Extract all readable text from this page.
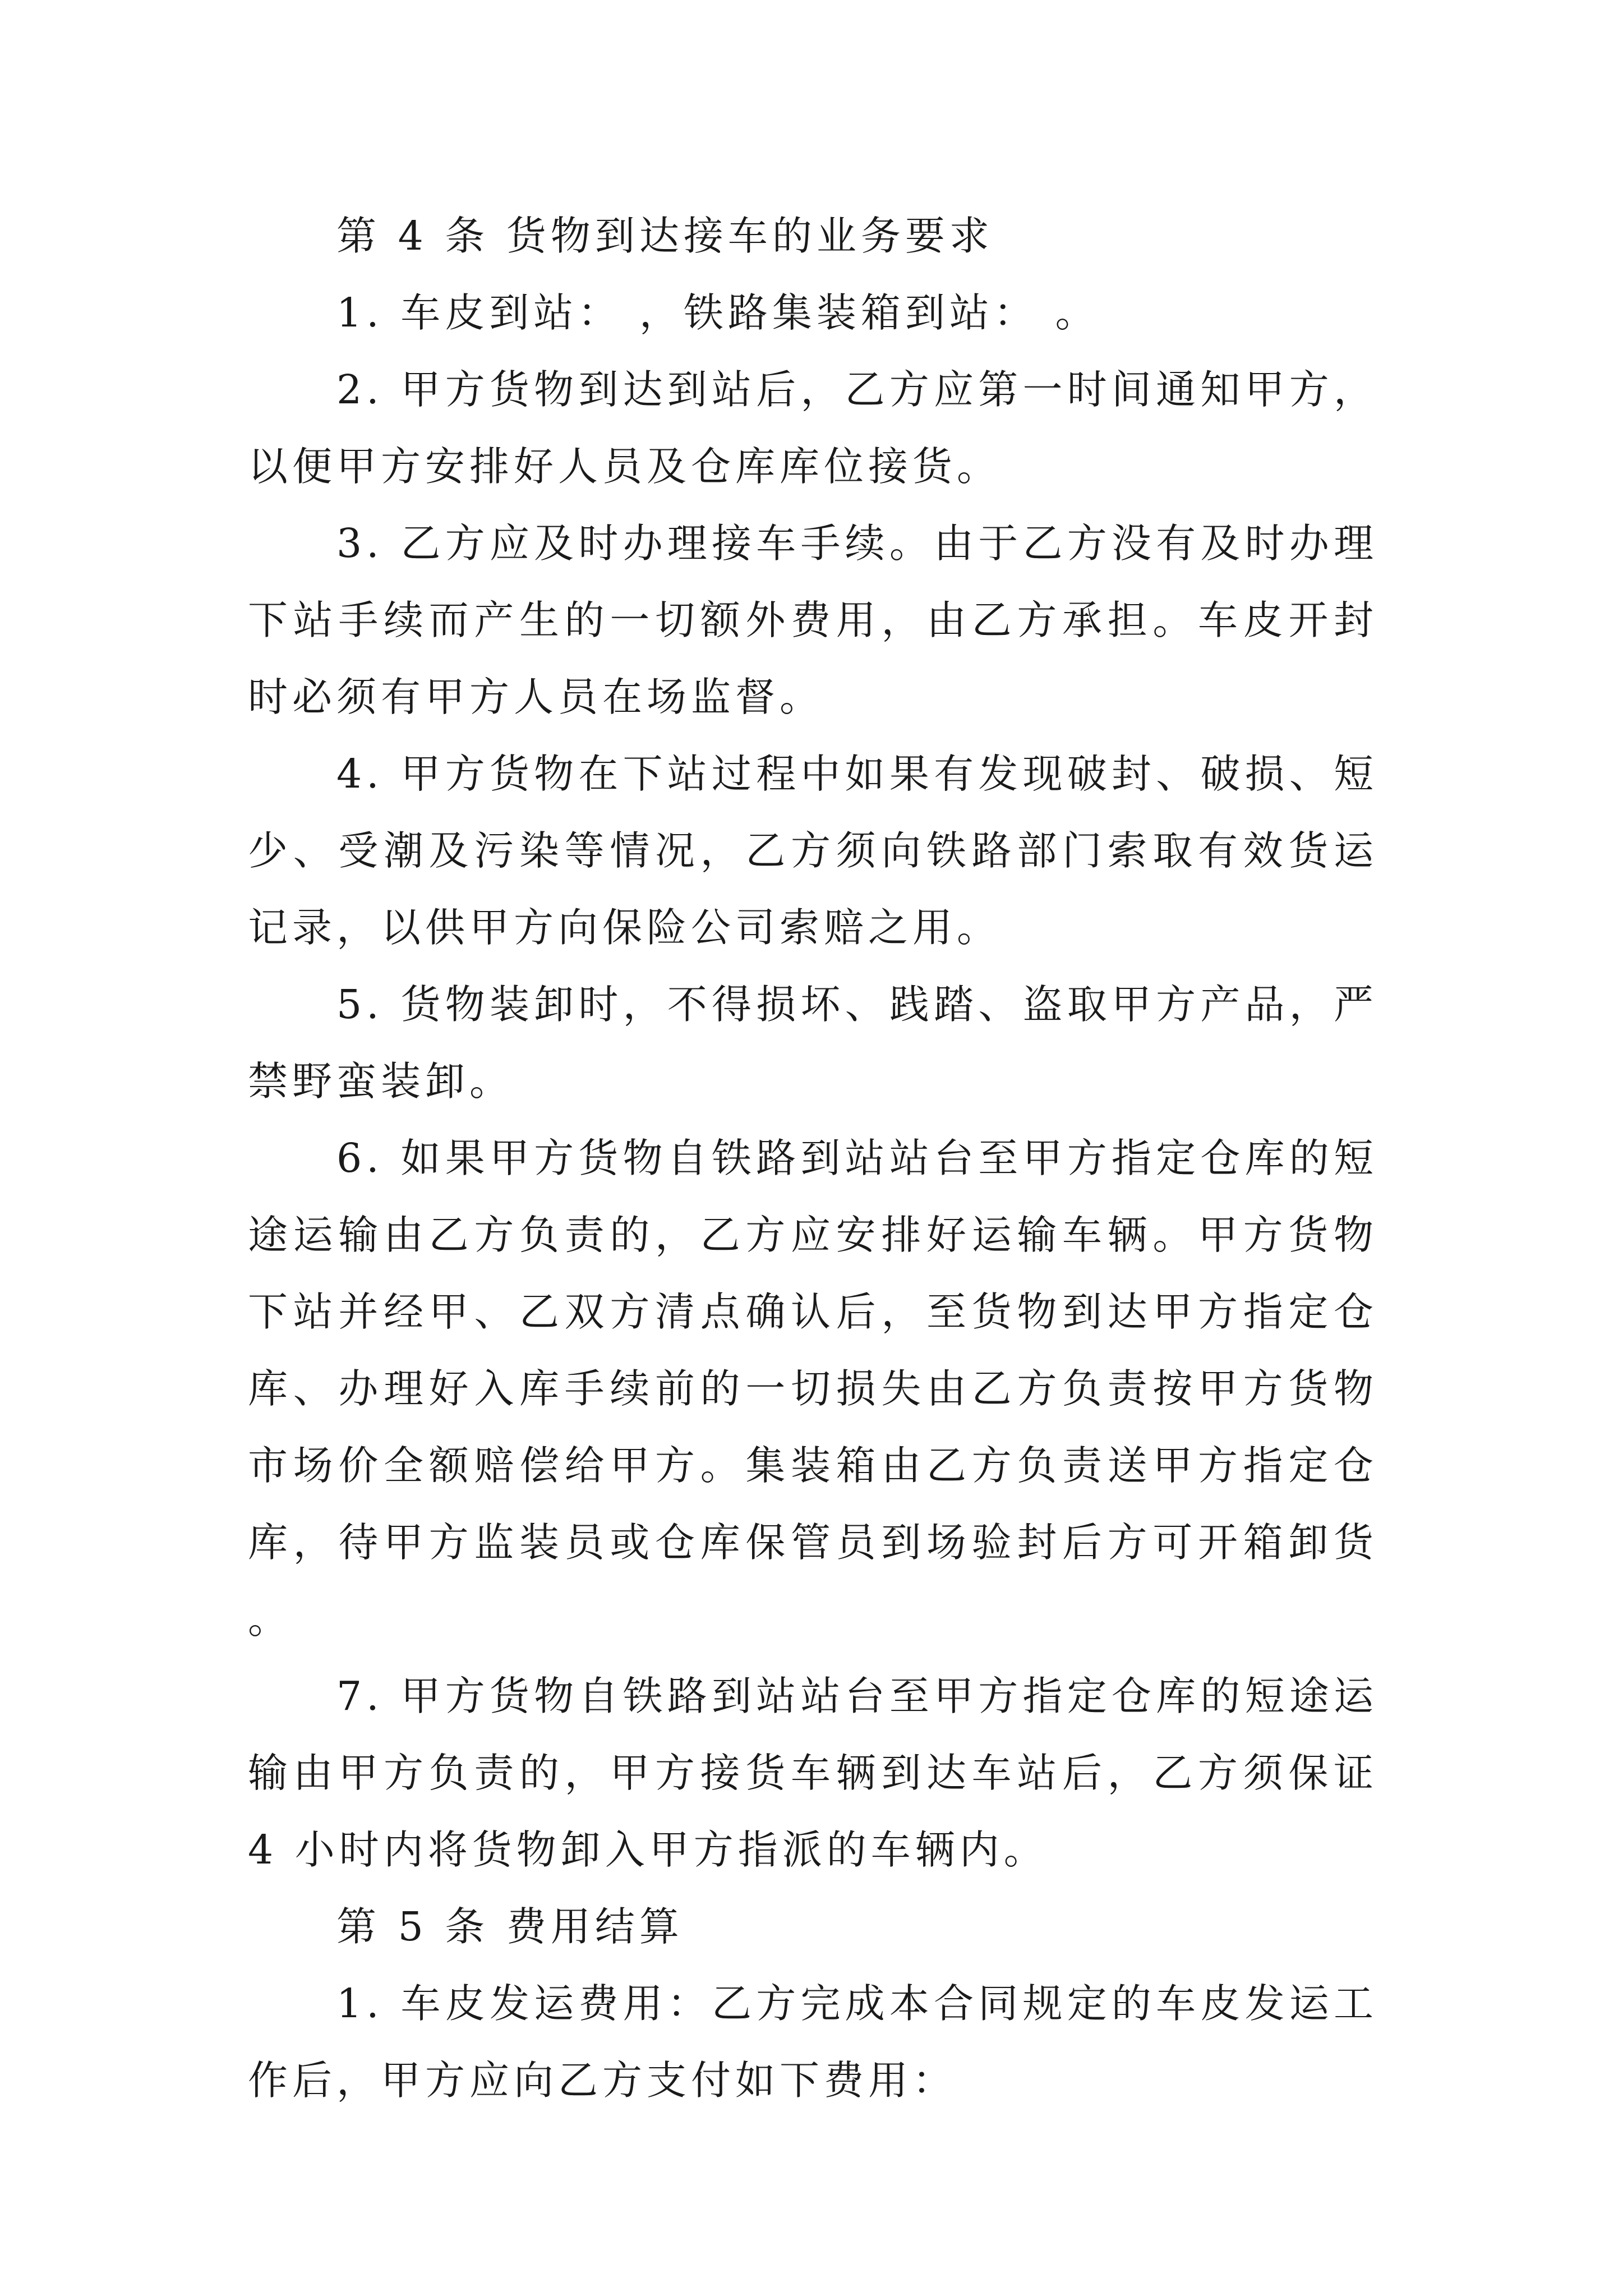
第 4 条 货物到达接车的业务要求

1. 车皮到站： ，铁路集装箱到站： 。

2. 甲方货物到达到站后，乙方应第一时间通知甲方，以便甲方安排好人员及仓库库位接货。

3. 乙方应及时办理接车手续。由于乙方没有及时办理下站手续而产生的一切额外费用，由乙方承担。车皮开封时必须有甲方人员在场监督。

4. 甲方货物在下站过程中如果有发现破封、破损、短少、受潮及污染等情况，乙方须向铁路部门索取有效货运记录，以供甲方向保险公司索赔之用。

5. 货物装卸时，不得损坏、践踏、盗取甲方产品，严禁野蛮装卸。

6. 如果甲方货物自铁路到站站台至甲方指定仓库的短途运输由乙方负责的，乙方应安排好运输车辆。甲方货物下站并经甲、乙双方清点确认后，至货物到达甲方指定仓库、办理好入库手续前的一切损失由乙方负责按甲方货物市场价全额赔偿给甲方。集装箱由乙方负责送甲方指定仓库，待甲方监装员或仓库保管员到场验封后方可开箱卸货。

7. 甲方货物自铁路到站站台至甲方指定仓库的短途运输由甲方负责的，甲方接货车辆到达车站后，乙方须保证 4 小时内将货物卸入甲方指派的车辆内。

第 5 条 费用结算

1. 车皮发运费用：乙方完成本合同规定的车皮发运工作后，甲方应向乙方支付如下费用：
